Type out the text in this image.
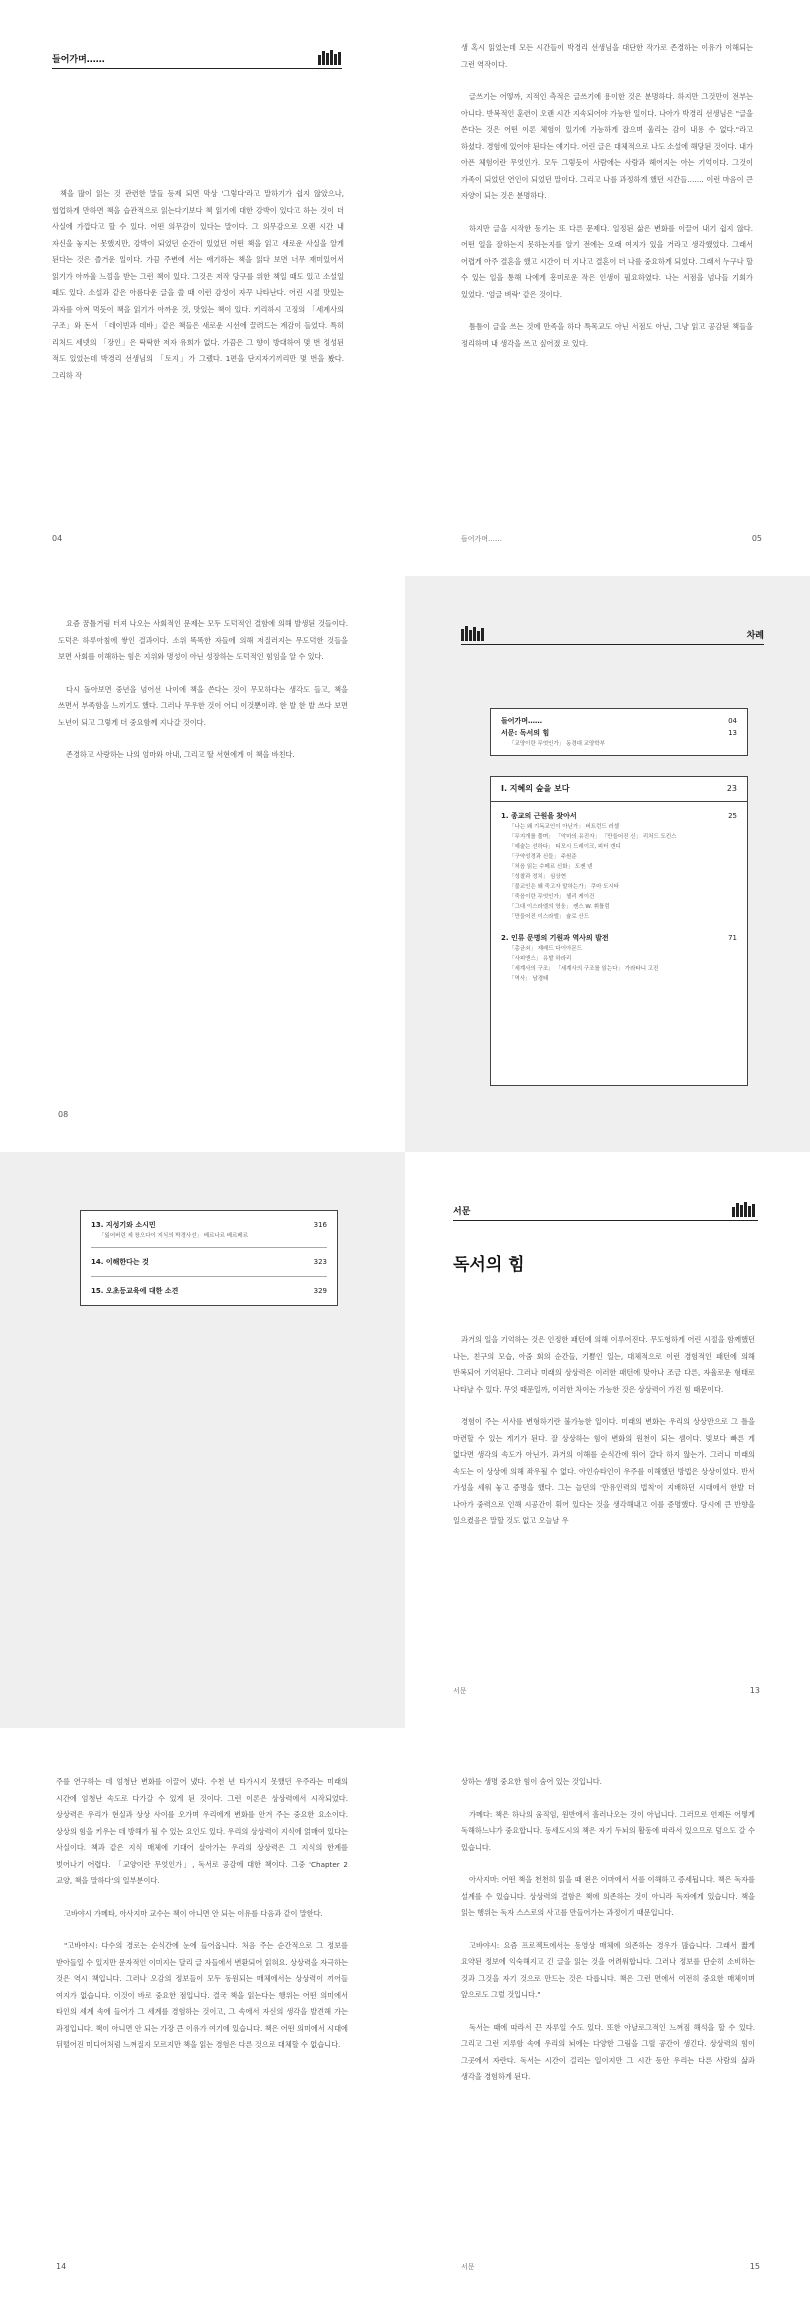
들어가며……

책을 많이 읽는 것 관련한 말들 등제 되면 막상 '그렇다'라고 말하기가 쉽지 않았으나, 협업하게 만하면 책을 습관적으로 읽는다기보다 책 읽기에 대한 강박이 있다고 하는 것이 더 사실에 가깝다고 할 수 있다. 어떤 의무감이 있다는 말이다. 그 의무감으로 오랜 시간 내 자신을 놓지는 못했지만, 강박이 되었던 순간이 있었던 어떤 책을 읽고 새로운 사실을 알게 된다는 것은 즐거운 일이다. 가끔 주변에 서는 애기하는 책을 읽다 보면 너무 재미있어서 읽기가 아까울 느낌을 받는 그런 책이 있다. 그것은 저작 당구를 위한 책일 때도 있고 소설일 때도 있다. 소설과 같은 아름다운 글을 쓸 때 이런 감성이 자꾸 나타난다. 어린 시절 맛있는 과자를 아껴 먹듯이 책을 읽기가 아까운 것, 맛있는 책이 있다. 키리하시 고징의 「세계사의 구조」와 돈서 「데이빈과 데바」같은 책들은 새로운 시선에 끌려드는 계감이 들었다. 특히 리처드 세넷의 「장인」은 딱딱한 저자 유희가 없다. 가끔은 그 향이 방대하여 몇 번 정성된 적도 있었는데 박경리 선생님의 「토지」가 그랬다. 1편을 단지자기끼리만 몇 번을 봤다. 그리하 작

04

생 혹시 읽었는데 모든 시간들이 박경리 선생님을 대단한 작가로 존경하는 이유가 이해되는 그런 역작이다.

글쓰기는 어떻까, 지적인 측적은 글쓰기에 용이한 것은 분명하다. 하지만 그것만이 전부는 아니다. 반복적인 훈련이 오랜 시간 지속되어야 가능한 일이다. 나아가 박경리 선생님은 "글을 쓴다는 것은 어떤 이론 체험이 있기에 가능하게 잡으며 울리는 감이 내용 수 없다."라고 하셨다. 경험에 있어야 된다는 얘기다. 어린 글은 대체적으로 나도 소설에 해당된 것이다. 내가 아픈 체험이란 무엇인가. 모두 그렇듯이 사람에는 사람과 헤어지는 아는 기억이다. 그것이 가족이 되었던 연인이 되었던 말이다. 그리고 나를 과정하게 했던 시간들……. 이런 마음이 큰 자양이 되는 것은 분명하다.

하지만 글을 시작한 동기는 또 다른 문제다. 일정된 삶은 변화를 이끌어 내기 쉽지 않다. 어떤 일을 잘하는지 못하는지를 알기 전에는 오래 여지가 있을 거라고 생각했었다. 그래서 어렵게 아주 결혼을 했고 시간이 더 지나고 결혼이 더 나를 중요하게 되었다. 그래서 누구나 할 수 있는 일을 통해 나에게 흥미로운 작은 인생이 필요하였다. 나는 서점을 넘나들 기회가 있었다. '엄글 벼락' 같은 것이다.

틈틈이 글을 쓰는 것에 만족을 하다 특목교도 아닌 서점도 아닌, 그냥 읽고 공감된 책들을 정리하며 내 생각을 쓰고 싶어졌 로 있다.

들어가며……	05

요즘 꿈틀거림 터져 나오는 사회적인 문제는 모두 도덕적인 결함에 의해 발생된 것들이다. 도덕은 하루아침에 쌓인 결과이다. 소위 똑똑한 자들에 의해 저질러지는 무도덕한 것들을 보면 사회를 이해하는 힘은 지위와 명성이 아닌 성장하는 도덕적인 힘임을 알 수 있다.

다시 돌아보면 중년을 넘어선 나이에 책을 쓴다는 것이 무모하다는 생각도 들고, 책을 쓰면서 부족함을 느끼기도 했다. 그러나 무우한 것이 어디 이것뿐이랴. 한 발 한 발 쓰다 보면 노년이 되고 그렇게 더 중요함께 지나갈 것이다.

존경하고 사랑하는 나의 엄마와 아내, 그리고 딸 서현에게 이 책을 바친다.

08
차례
들어가며……	04
서문: 독서의 힘	13
「교양이란 무엇인가」 동경대 교양학부
Ⅰ. 지혜의 숲을 보다	23
1. 종교의 근원을 찾아서	25
「나는 왜 기독교인이 아닌가」 버트런드 러셀
「무지개를 풀며」 「악마의 유진자」 「만들어진 신」 리처드 도킨스
「예술는 선하다」 티모시 드레이크, 피터 갠디
「구약성경과 신들」 주원준
「처음 읽는 수메르 신화」 도젠 넨
「성찰과 정치」 심상현
「불교인은 왜 죽고자 말하는가」 쿠마 도시타
「죽음이란 무엇인가」 셸리 케이건
「그대 이스라엘의 영웅」 켄스 W. 휘틀럼
「만들어진 이스라엘」 슐로 산드
2. 인류 문명의 기원과 역사의 발전	71
「총균쇠」 재레드 다이아몬드
「사피엔스」 유발 하라리
「세계사의 구조」 「세계사의 구조를 읽는다」 가라타니 고진
「역사」 남경태
13. 지성기와 소시민	316
「잃어버린 세 창으다이 지식의 박경사선」 베르나르 베르베르
14. 이해한다는 것	323
15. 오초등교육에 대한 소견	329
서문
독서의 힘

과거의 일을 기억하는 것은 인정한 패턴에 의해 이루어진다. 무도헝하게 어린 시절을 함께했던 나는, 친구의 모습, 아줌 회의 순간들, 기쁨인 일는, 대체적으로 이런 경험적인 패턴에 의해 반복되어 기억된다. 그러나 미래의 상상력은 이러한 패턴에 맞아나 조금 다른, 자율로운 형태로 나타날 수 있다. 무엇 때문일까, 이러한 차이는 가능한 것은 상상력이 가진 힘 때문이다.

경험이 주는 서사를 변형하기란 불가능한 일이다. 미래의 변화는 우리의 상상만으로 그 틀을 마련할 수 있는 게기가 된다. 잘 상상하는 힘이 변화의 원천이 되는 셈이다. 빛보다 빠른 게 없다면 생각의 속도가 아닌가. 과거의 이해를 순식간에 뛰어 갈다 하지 않는가. 그러니 미래의 속도는 이 상상에 의해 좌우될 수 없다. 아인슈타인이 우주를 이해했던 방법은 상상이었다. 반서 가성을 세워 놓고 증명을 했다. 그는 늘던의 '만유인력의 법칙'이 지배하던 시대에서 한발 더 나아가 중력으로 인해 시공간이 휘어 있다는 것을 생각해내고 이를 증명했다. 당시에 큰 반향을 일으켰음은 말할 것도 없고 오늘날 우

서문	13

주를 연구하는 데 엄청난 변화를 이끌어 냈다. 수천 년 타가시지 못했던 우주라는 미래의 시간에 엄청난 속도로 다가갈 수 있게 된 것이다. 그런 이론은 상상력에서 시작되었다. 상상력은 우리가 현실과 상상 사이를 오가며 우리에게 변화를 안겨 주는 중요한 요소이다. 상상의 힘을 키우는 데 방해가 될 수 있는 요인도 있다. 우리의 상상력이 지식에 얽매여 있다는 사실이다. 책과 같은 지식 매체에 기대어 살아가는 우리의 상상력은 그 지식의 한계를 벗어나기 어렵다. 「교양이란 무엇인가」, 독서로 공감에 대한 책이다. 그중 'Chapter 2 교양, 책을 말하다'의 일부분이다.

고바야시 가메타, 아사지마 교수는 책이 아니면 안 되는 이유를 다음과 같이 말한다.

"고바야시: 다수의 경로는 순식간에 눈에 들어옵니다. 처음 주는 순간적으로 그 정보를 받아들일 수 있지만 문자적인 이미지는 달리 글 자들에서 변환되어 읽혀요. 상상력을 자극하는 것은 역시 책입니다. 그러나 오감의 정보들이 모두 동원되는 매체에서는 상상력이 끼어들 여지가 없습니다. 이것이 바로 중요한 점입니다. 결국 책을 읽는다는 행위는 어떤 의미에서 타인의 세계 속에 들어가 그 세계를 경험하는 것이고, 그 속에서 자신의 생각을 발견해 가는 과정입니다. 책이 아니면 안 되는 가장 큰 이유가 여기에 있습니다. 책은 어떤 의미에서 시대에 뒤떨어진 미디어처럼 느껴질지 모르지만 책을 읽는 경험은 다른 것으로 대체할 수 없습니다.

14

상하는 생명 중요한 힘이 숨어 있는 것입니다.

가메다: 책은 하나의 움직임, 원반에서 흘러나오는 것이 아닙니다. 그러므로 언제든 어떻게 독해하느냐가 중요합니다. 동세도시의 책은 자기 두뇌의 활동에 따라서 있으므로 덤으도 갈 수 있습니다.

아사지마: 어떤 책을 천천히 읽을 때 왼은 이마에서 서를 이해하고 증세됩니다. 책은 독자를 설계를 수 있습니다. 상상력의 결함은 책에 의존하는 것이 아니라 독자에게 있습니다. 책을 읽는 행위는 독자 스스로의 사고를 만들어가는 과정이기 때문입니다.

고바야시: 요즘 프로젝트에서는 동영상 매체에 의존하는 경우가 많습니다. 그래서 짧게 요약된 정보에 익숙해지고 긴 글을 읽는 것을 어려워합니다. 그러나 정보를 단순히 소비하는 것과 그것을 자기 것으로 만드는 것은 다릅니다. 책은 그런 면에서 여전히 중요한 매체이며 앞으로도 그럴 것입니다."

독서는 때에 따라서 끈 자루일 수도 있다. 또한 아날로그적인 느껴짐 해석을 할 수 있다. 그리고 그런 지루함 속에 우리의 뇌에는 다양한 그림을 그릴 공간이 생긴다. 상상력의 힘이 그곳에서 자란다. 독서는 시간이 걸리는 일이지만 그 시간 동안 우리는 다른 사람의 삶과 생각을 경험하게 된다.

서문	15
